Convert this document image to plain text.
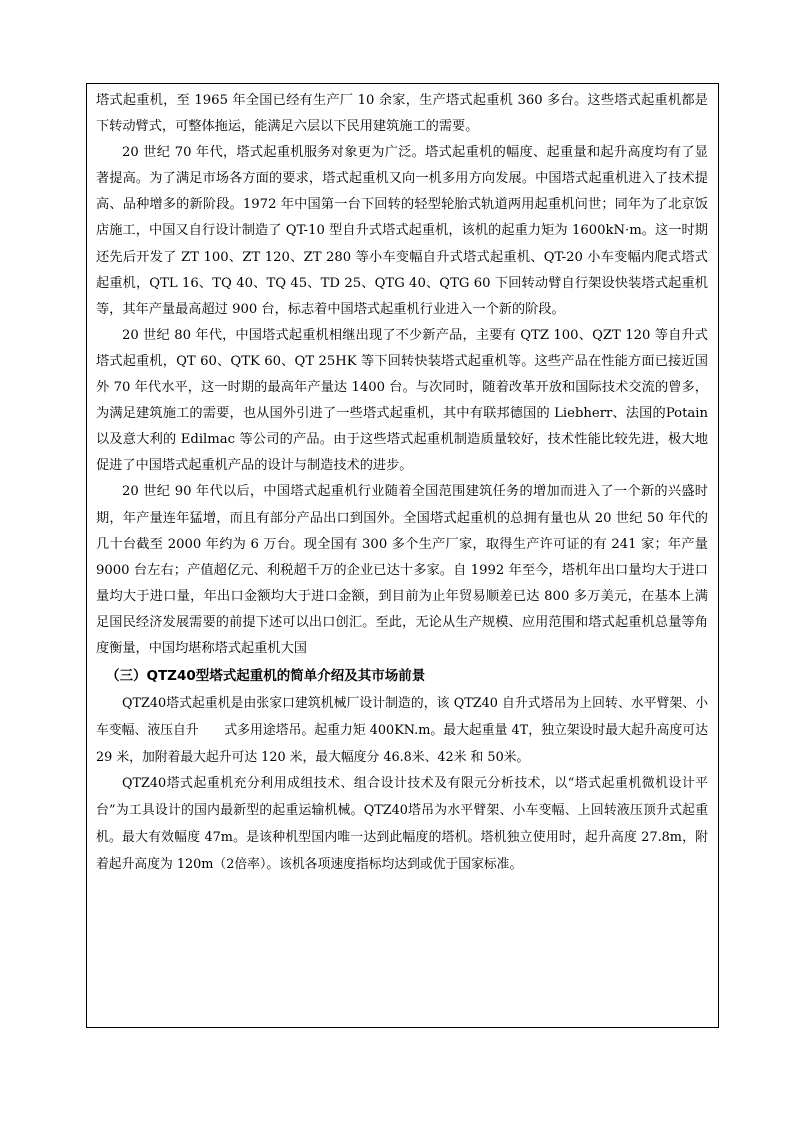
塔式起重机，至 1965 年全国已经有生产厂 10 余家，生产塔式起重机 360 多台。这些塔式起重机都是下转动臂式，可整体拖运，能满足六层以下民用建筑施工的需要。

20 世纪 70 年代，塔式起重机服务对象更为广泛。塔式起重机的幅度、起重量和起升高度均有了显著提高。为了满足市场各方面的要求，塔式起重机又向一机多用方向发展。中国塔式起重机进入了技术提高、品种增多的新阶段。1972 年中国第一台下回转的轻型轮胎式轨道两用起重机问世；同年为了北京饭店施工，中国又自行设计制造了 QT-10 型自升式塔式起重机，该机的起重力矩为 1600kN·m。这一时期还先后开发了 ZT 100、ZT 120、ZT 280 等小车变幅自升式塔式起重机、QT-20 小车变幅内爬式塔式起重机，QTL 16、TQ 40、TQ 45、TD 25、QTG 40、QTG 60 下回转动臂自行架设快装塔式起重机等，其年产量最高超过 900 台，标志着中国塔式起重机行业进入一个新的阶段。

20 世纪 80 年代，中国塔式起重机相继出现了不少新产品，主要有 QTZ 100、QZT 120 等自升式塔式起重机，QT 60、QTK 60、QT 25HK 等下回转快装塔式起重机等。这些产品在性能方面已接近国外 70 年代水平，这一时期的最高年产量达 1400 台。与次同时，随着改革开放和国际技术交流的曾多，为满足建筑施工的需要，也从国外引进了一些塔式起重机，其中有联邦德国的 Liebherr、法国的Potain 以及意大利的 Edilmac 等公司的产品。由于这些塔式起重机制造质量较好，技术性能比较先进，极大地促进了中国塔式起重机产品的设计与制造技术的进步。

20 世纪 90 年代以后，中国塔式起重机行业随着全国范围建筑任务的增加而进入了一个新的兴盛时期，年产量连年猛增，而且有部分产品出口到国外。全国塔式起重机的总拥有量也从 20 世纪 50 年代的几十台截至 2000 年约为 6 万台。现全国有 300 多个生产厂家，取得生产许可证的有 241 家；年产量 9000 台左右；产值超亿元、利税超千万的企业已达十多家。自 1992 年至今，塔机年出口量均大于进口量均大于进口量，年出口金额均大于进口金额，到目前为止年贸易顺差已达 800 多万美元，在基本上满足国民经济发展需要的前提下述可以出口创汇。至此，无论从生产规模、应用范围和塔式起重机总量等角度衡量，中国均堪称塔式起重机大国

（三）QTZ40型塔式起重机的简单介绍及其市场前景

QTZ40塔式起重机是由张家口建筑机械厂设计制造的，该 QTZ40 自升式塔吊为上回转、水平臂架、小车变幅、液压自升　　式多用途塔吊。起重力矩 400KN.m。最大起重量 4T，独立架设时最大起升高度可达 29 米，加附着最大起升可达 120 米，最大幅度分 46.8米、42米 和 50米。

QTZ40塔式起重机充分利用成组技术、组合设计技术及有限元分析技术，以“塔式起重机微机设计平台”为工具设计的国内最新型的起重运输机械。QTZ40塔吊为水平臂架、小车变幅、上回转液压顶升式起重机。最大有效幅度 47m。是该种机型国内唯一达到此幅度的塔机。塔机独立使用时，起升高度 27.8m，附着起升高度为 120m（2倍率）。该机各项速度指标均达到或优于国家标准。
